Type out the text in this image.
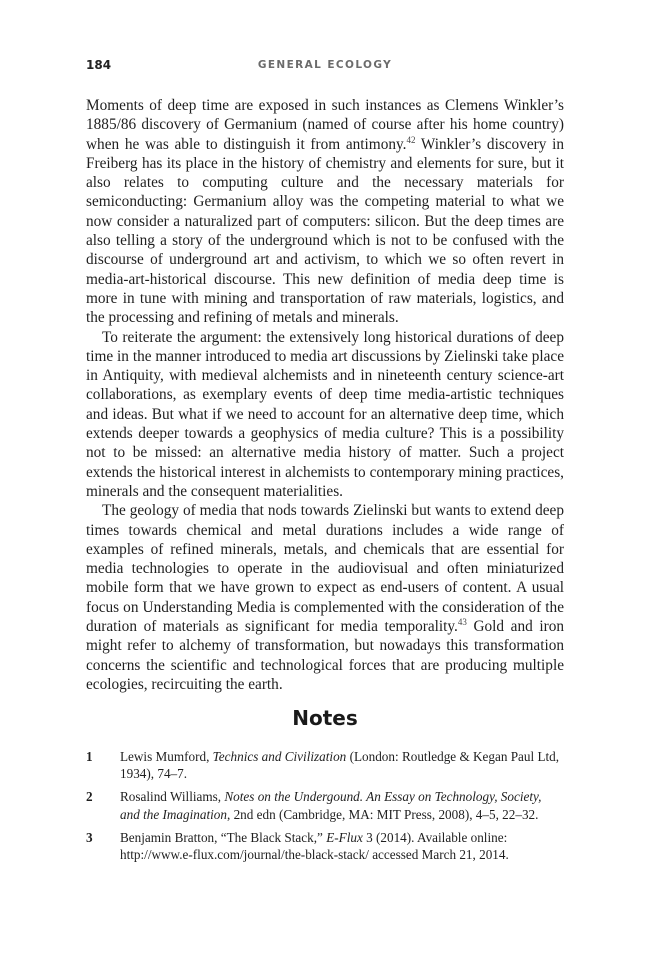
184	GENERAL ECOLOGY

Moments of deep time are exposed in such instances as Clemens Winkler’s 1885/86 discovery of Germanium (named of course after his home country) when he was able to distinguish it from antimony.$^{42}$ Winkler’s discovery in Freiberg has its place in the history of chemistry and elements for sure, but it also relates to computing culture and the necessary materials for semiconducting: Germanium alloy was the competing material to what we now consider a naturalized part of computers: silicon. But the deep times are also telling a story of the underground which is not to be confused with the discourse of underground art and activism, to which we so often revert in media-art-historical discourse. This new definition of media deep time is more in tune with mining and transportation of raw materials, logistics, and the processing and refining of metals and minerals.

To reiterate the argument: the extensively long historical durations of deep time in the manner introduced to media art discussions by Zielinski take place in Antiquity, with medieval alchemists and in nineteenth century science-art collaborations, as exemplary events of deep time media-artistic techniques and ideas. But what if we need to account for an alternative deep time, which extends deeper towards a geophysics of media culture? This is a possibility not to be missed: an alternative media history of matter. Such a project extends the historical interest in alchemists to contemporary mining practices, minerals and the consequent materialities.

The geology of media that nods towards Zielinski but wants to extend deep times towards chemical and metal durations includes a wide range of examples of refined minerals, metals, and chemicals that are essential for media technologies to operate in the audiovisual and often miniaturized mobile form that we have grown to expect as end-users of content. A usual focus on Understanding Media is complemented with the consideration of the duration of materials as significant for media temporality.$^{43}$ Gold and iron might refer to alchemy of transformation, but nowadays this transformation concerns the scientific and technological forces that are producing multiple ecologies, recircuiting the earth.

Notes
1	Lewis Mumford, Technics and Civilization (London: Routledge & Kegan Paul Ltd, 1934), 74–7.
2	Rosalind Williams, Notes on the Undergound. An Essay on Technology, Society, and the Imagination, 2nd edn (Cambridge, MA: MIT Press, 2008), 4–5, 22–32.
3	Benjamin Bratton, “The Black Stack,” E-Flux 3 (2014). Available online: http://www.e-flux.com/journal/the-black-stack/ accessed March 21, 2014.
